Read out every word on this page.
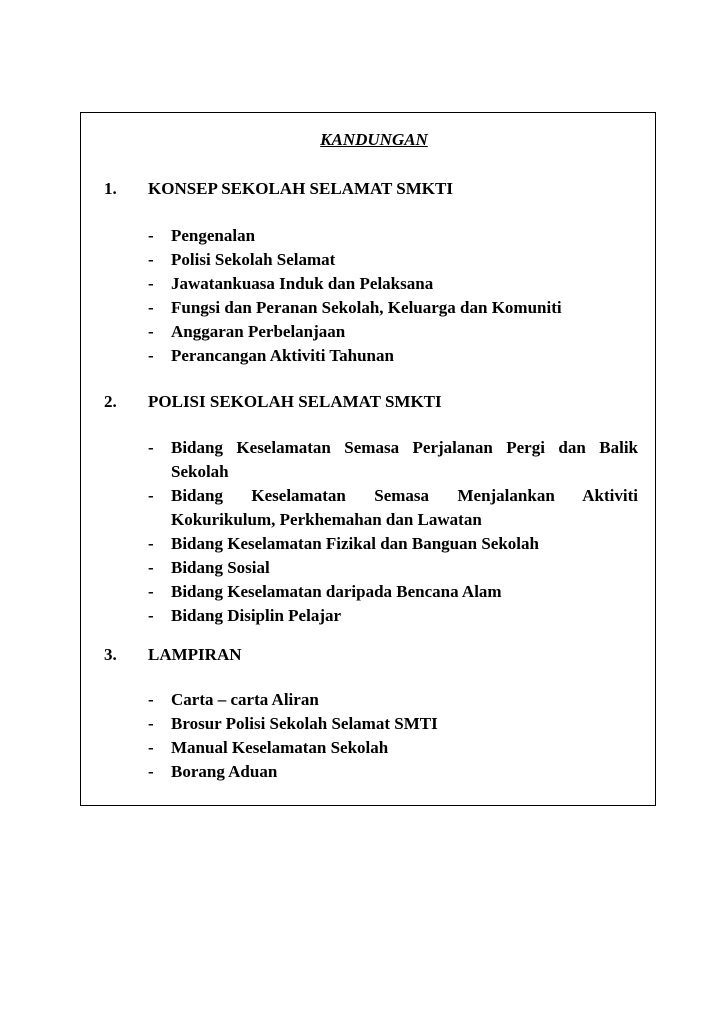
KANDUNGAN
1. KONSEP SEKOLAH SELAMAT SMKTI
- Pengenalan
- Polisi Sekolah Selamat
- Jawatankuasa Induk dan Pelaksana
- Fungsi dan Peranan Sekolah, Keluarga dan Komuniti
- Anggaran Perbelanjaan
- Perancangan Aktiviti Tahunan
2. POLISI SEKOLAH SELAMAT SMKTI
- Bidang Keselamatan Semasa Perjalanan Pergi dan Balik Sekolah
- Bidang Keselamatan Semasa Menjalankan Aktiviti Kokurikulum, Perkhemahan dan Lawatan
- Bidang Keselamatan Fizikal dan Banguan Sekolah
- Bidang Sosial
- Bidang Keselamatan daripada Bencana Alam
- Bidang Disiplin Pelajar
3. LAMPIRAN
- Carta – carta Aliran
- Brosur Polisi Sekolah Selamat SMTI
- Manual Keselamatan Sekolah
- Borang Aduan
